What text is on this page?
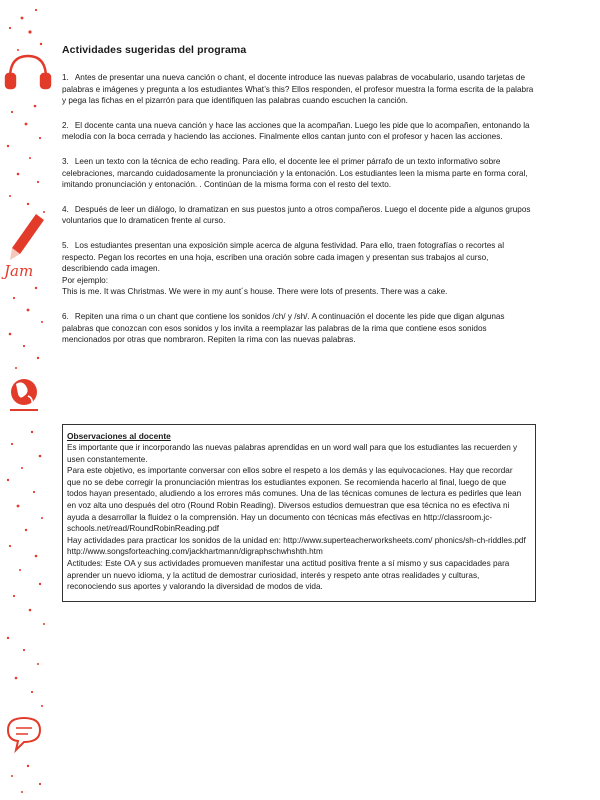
Jam
Actividades sugeridas del programa

1. Antes de presentar una nueva canción o chant, el docente introduce las nuevas palabras de vocabulario, usando tarjetas de palabras e imágenes y pregunta a los estudiantes What’s this? Ellos responden, el profesor muestra la forma escrita de la palabra y pega las fichas en el pizarrón para que identifiquen las palabras cuando escuchen la canción.

2. El docente canta una nueva canción y hace las acciones que la acompañan. Luego les pide que lo acompañen, entonando la melodía con la boca cerrada y haciendo las acciones. Finalmente ellos cantan junto con el profesor y hacen las acciones.

3. Leen un texto con la técnica de echo reading. Para ello, el docente lee el primer párrafo de un texto informativo sobre celebraciones, marcando cuidadosamente la pronunciación y la entonación. Los estudiantes leen la misma parte en forma coral, imitando pronunciación y entonación. . Continúan de la misma forma con el resto del texto.

4. Después de leer un diálogo, lo dramatizan en sus puestos junto a otros compañeros. Luego el docente pide a algunos grupos voluntarios que lo dramaticen frente al curso.

5. Los estudiantes presentan una exposición simple acerca de alguna festividad. Para ello, traen fotografías o recortes al respecto. Pegan los recortes en una hoja, escriben una oración sobre cada imagen y presentan sus trabajos al curso, describiendo cada imagen.

Por ejemplo:

This is me. It was Christmas. We were in my aunt´s house. There were lots of presents. There was a cake.

6. Repiten una rima o un chant que contiene los sonidos /ch/ y /sh/. A continuación el docente les pide que digan algunas palabras que conozcan con esos sonidos y los invita a reemplazar las palabras de la rima que contiene esos sonidos mencionados por otras que nombraron. Repiten la rima con las nuevas palabras.

Observaciones al docente

Es importante que ir incorporando las nuevas palabras aprendidas en un word wall para que los estudiantes las recuerden y usen constantemente.

Para este objetivo, es importante conversar con ellos sobre el respeto a los demás y las equivocaciones. Hay que recordar que no se debe corregir la pronunciación mientras los estudiantes exponen. Se recomienda hacerlo al final, luego de que todos hayan presentado, aludiendo a los errores más comunes. Una de las técnicas comunes de lectura es pedirles que lean en voz alta uno después del otro (Round Robin Reading). Diversos estudios demuestran que esa técnica no es efectiva ni ayuda a desarrollar la fluidez o la comprensión. Hay un documento con técnicas más efectivas en http://classroom.jc- schools.net/read/RoundRobinReading.pdf

Hay actividades para practicar los sonidos de la unidad en: http://www.superteacherworksheets.com/ phonics/sh-ch-riddles.pdf http://www.songsforteaching.com/jackhartmann/digraphschwhshth.htm

Actitudes: Este OA y sus actividades promueven manifestar una actitud positiva frente a sí mismo y sus capacidades para aprender un nuevo idioma, y la actitud de demostrar curiosidad, interés y respeto ante otras realidades y culturas, reconociendo sus aportes y valorando la diversidad de modos de vida.
